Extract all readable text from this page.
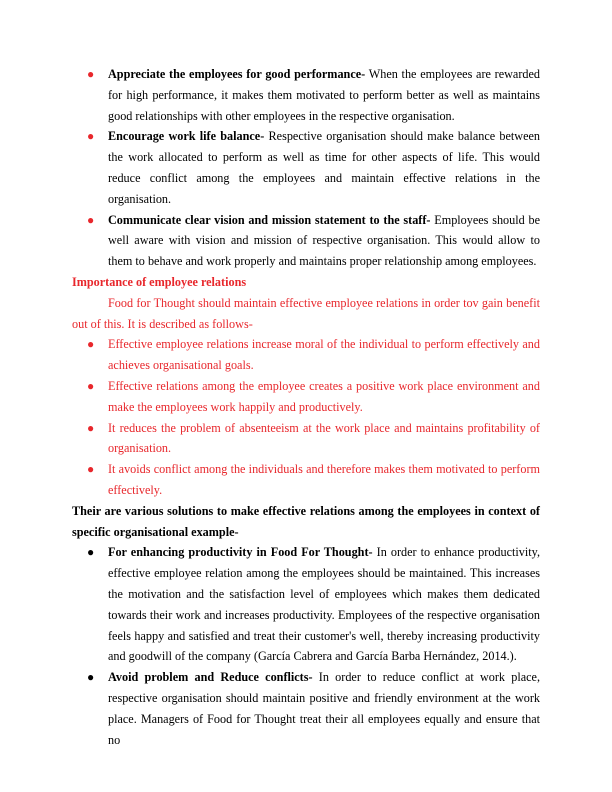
● Appreciate the employees for good performance- When the employees are rewarded for high performance, it makes them motivated to perform better as well as maintains good relationships with other employees in the respective organisation.
● Encourage work life balance- Respective organisation should make balance between the work allocated to perform as well as time for other aspects of life. This would reduce conflict among the employees and maintain effective relations in the organisation.
● Communicate clear vision and mission statement to the staff- Employees should be well aware with vision and mission of respective organisation. This would allow to them to behave and work properly and maintains proper relationship among employees.

Importance of employee relations

Food for Thought should maintain effective employee relations in order tov gain benefit out of this. It is described as follows-

● Effective employee relations increase moral of the individual to perform effectively and achieves organisational goals.
● Effective relations among the employee creates a positive work place environment and make the employees work happily and productively.
● It reduces the problem of absenteeism at the work place and maintains profitability of organisation.
● It avoids conflict among the individuals and therefore makes them motivated to perform effectively.

Their are various solutions to make effective relations among the employees in context of specific organisational example-

● For enhancing productivity in Food For Thought- In order to enhance productivity, effective employee relation among the employees should be maintained. This increases the motivation and the satisfaction level of employees which makes them dedicated towards their work and increases productivity. Employees of the respective organisation feels happy and satisfied and treat their customer's well, thereby increasing productivity and goodwill of the company (García Cabrera and García Barba Hernández, 2014.).
● Avoid problem and Reduce conflicts- In order to reduce conflict at work place, respective organisation should maintain positive and friendly environment at the work place. Managers of Food for Thought treat their all employees equally and ensure that no
